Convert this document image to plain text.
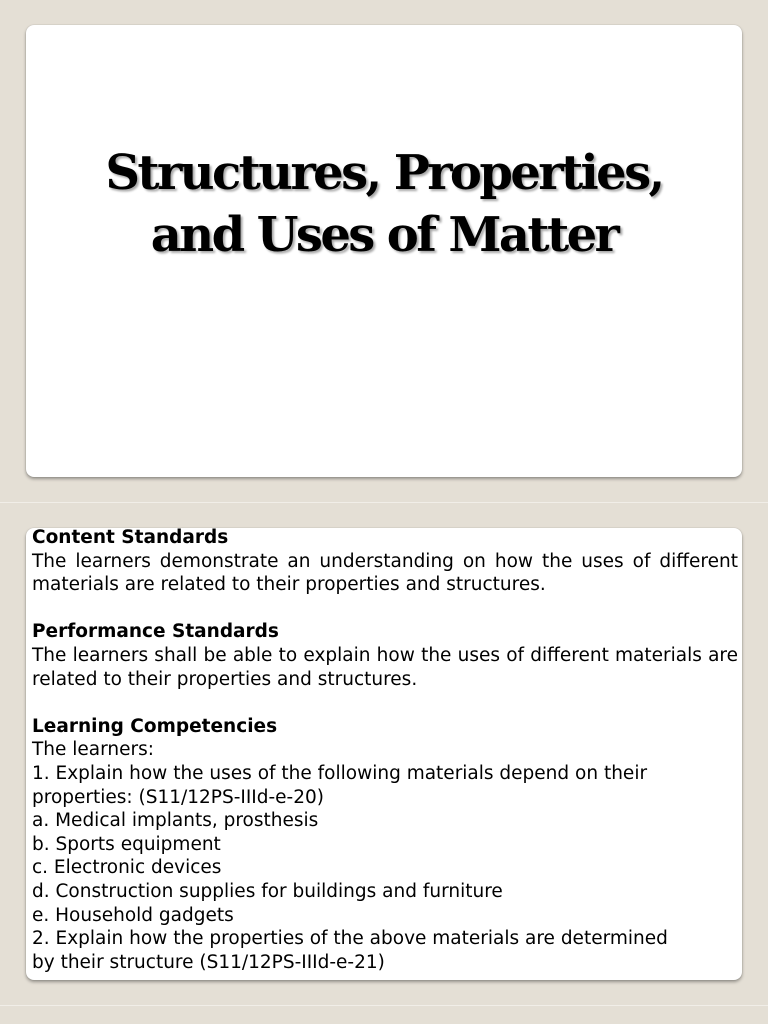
Structures, Properties,
and Uses of Matter
Content Standards
The learners demonstrate an understanding on how the uses of different materials are related to their properties and structures.
Performance Standards
The learners shall be able to explain how the uses of different materials are related to their properties and structures.
Learning Competencies
The learners:
1. Explain how the uses of the following materials depend on their
properties: (S11/12PS-IIId-e-20)
a. Medical implants, prosthesis
b. Sports equipment
c. Electronic devices
d. Construction supplies for buildings and furniture
e. Household gadgets
2. Explain how the properties of the above materials are determined
by their structure (S11/12PS-IIId-e-21)
